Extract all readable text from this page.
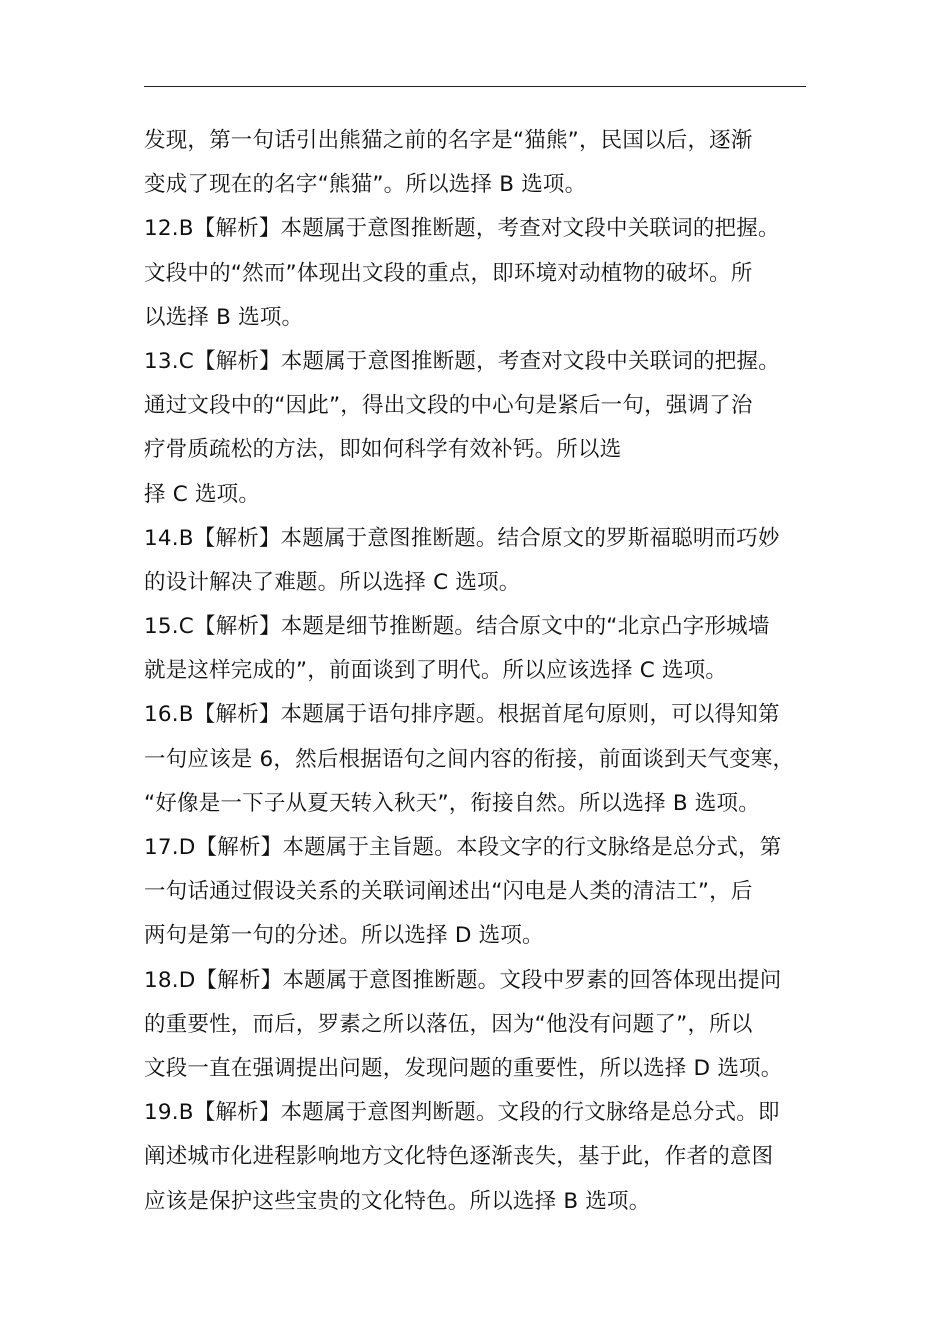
发现，第一句话引出熊猫之前的名字是“猫熊”，民国以后，逐渐
变成了现在的名字“熊猫”。所以选择 B 选项。
12.B【解析】本题属于意图推断题，考查对文段中关联词的把握。
文段中的“然而”体现出文段的重点，即环境对动植物的破坏。所
以选择 B 选项。
13.C【解析】本题属于意图推断题，考查对文段中关联词的把握。
通过文段中的“因此”，得出文段的中心句是紧后一句，强调了治
疗骨质疏松的方法，即如何科学有效补钙。所以选
择 C 选项。
14.B【解析】本题属于意图推断题。结合原文的罗斯福聪明而巧妙
的设计解决了难题。所以选择 C 选项。
15.C【解析】本题是细节推断题。结合原文中的“北京凸字形城墙
就是这样完成的”，前面谈到了明代。所以应该选择 C 选项。
16.B【解析】本题属于语句排序题。根据首尾句原则，可以得知第
一句应该是 6，然后根据语句之间内容的衔接，前面谈到天气变寒，
“好像是一下子从夏天转入秋天”，衔接自然。所以选择 B 选项。
17.D【解析】本题属于主旨题。本段文字的行文脉络是总分式，第
一句话通过假设关系的关联词阐述出“闪电是人类的清洁工”，后
两句是第一句的分述。所以选择 D 选项。
18.D【解析】本题属于意图推断题。文段中罗素的回答体现出提问
的重要性，而后，罗素之所以落伍，因为“他没有问题了”，所以
文段一直在强调提出问题，发现问题的重要性，所以选择 D 选项。
19.B【解析】本题属于意图判断题。文段的行文脉络是总分式。即
阐述城市化进程影响地方文化特色逐渐丧失，基于此，作者的意图
应该是保护这些宝贵的文化特色。所以选择 B 选项。
